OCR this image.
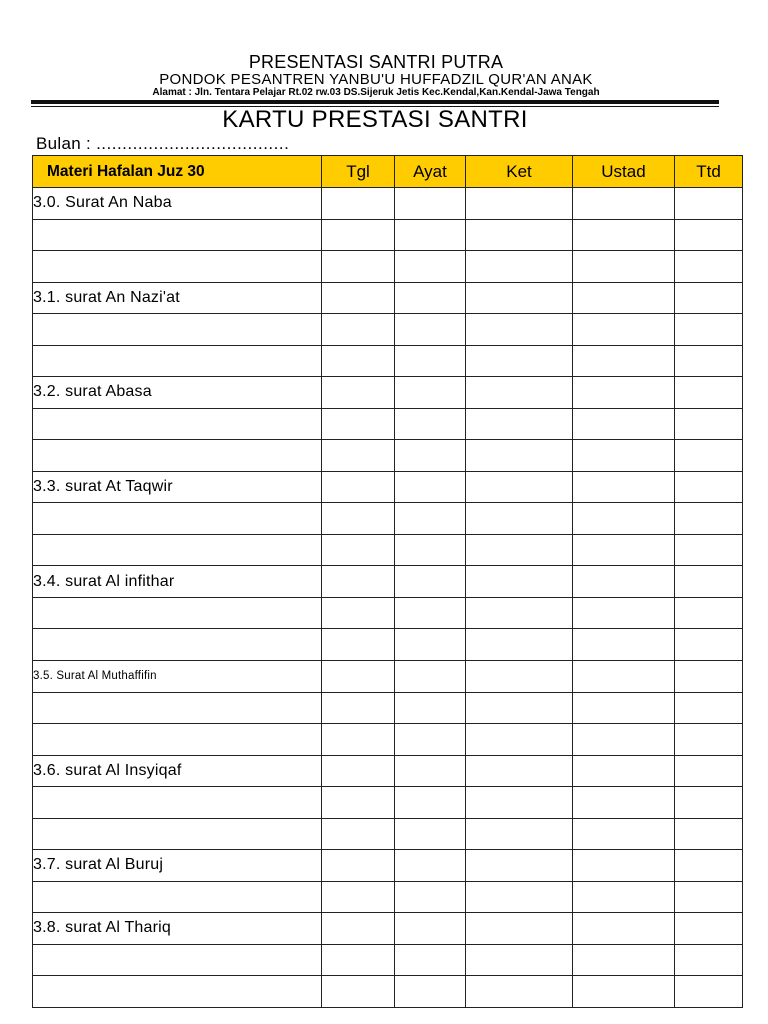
PRESENTASI SANTRI PUTRA
PONDOK PESANTREN YANBU'U HUFFADZIL QUR'AN ANAK
Alamat : Jln. Tentara Pelajar Rt.02 rw.03 DS.Sijeruk Jetis Kec.Kendal,Kan.Kendal-Jawa Tengah
KARTU PRESTASI SANTRI
Bulan : .....................................
Materi Hafalan Juz 30	Tgl	Ayat	Ket	Ustad	Ttd
3.0. Surat An Naba					

3.1. surat An Nazi'at					

3.2. surat Abasa					

3.3. surat At Taqwir					

3.4. surat Al infithar					

3.5. Surat Al Muthaffifin					

3.6. surat Al Insyiqaf					

3.7. surat Al Buruj					

3.8. surat Al Thariq					
